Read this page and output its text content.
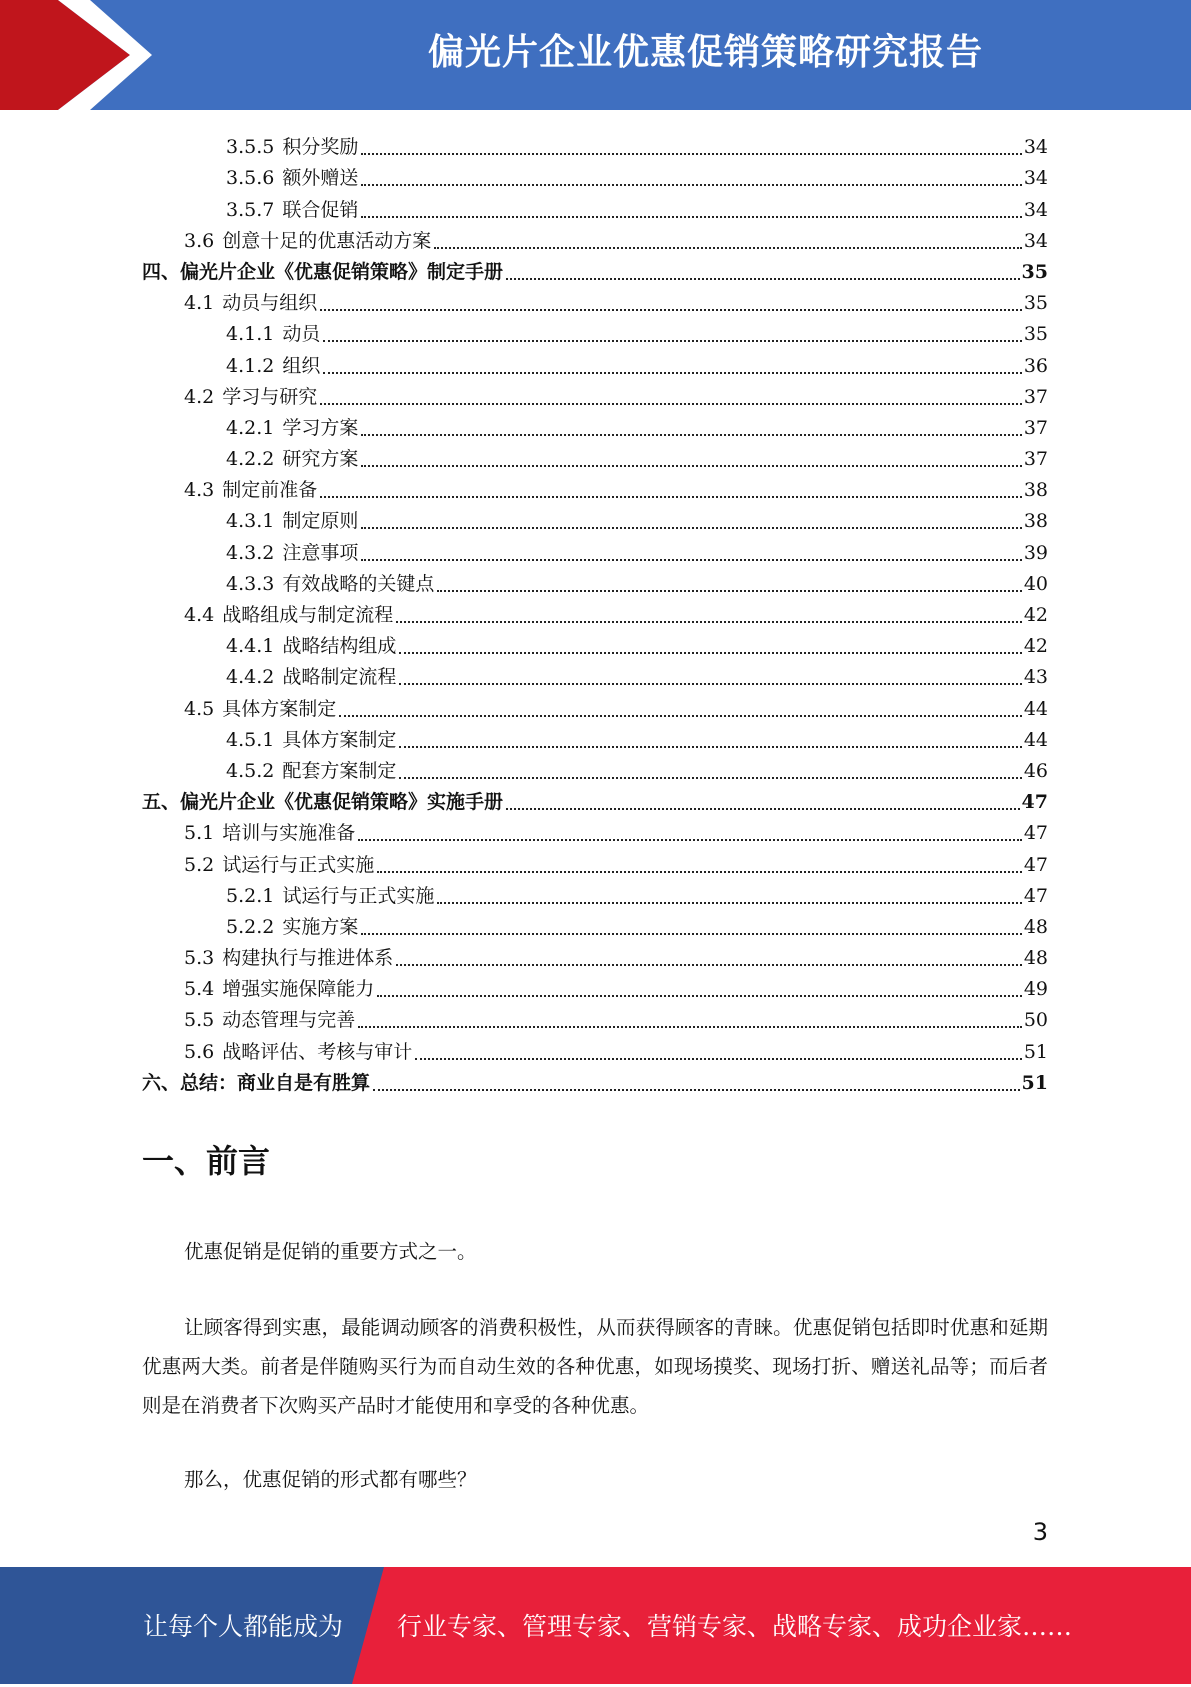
偏光片企业优惠促销策略研究报告
3.5.5 积分奖励	34
3.5.6 额外赠送	34
3.5.7 联合促销	34
3.6 创意十足的优惠活动方案	34
四、偏光片企业《优惠促销策略》制定手册	35
4.1 动员与组织	35
4.1.1 动员	35
4.1.2 组织	36
4.2 学习与研究	37
4.2.1 学习方案	37
4.2.2 研究方案	37
4.3 制定前准备	38
4.3.1 制定原则	38
4.3.2 注意事项	39
4.3.3 有效战略的关键点	40
4.4 战略组成与制定流程	42
4.4.1 战略结构组成	42
4.4.2 战略制定流程	43
4.5 具体方案制定	44
4.5.1 具体方案制定	44
4.5.2 配套方案制定	46
五、偏光片企业《优惠促销策略》实施手册	47
5.1 培训与实施准备	47
5.2 试运行与正式实施	47
5.2.1 试运行与正式实施	47
5.2.2 实施方案	48
5.3 构建执行与推进体系	48
5.4 增强实施保障能力	49
5.5 动态管理与完善	50
5.6 战略评估、考核与审计	51
六、总结：商业自是有胜算	51
一、前言

优惠促销是促销的重要方式之一。

让顾客得到实惠，最能调动顾客的消费积极性，从而获得顾客的青睐。优惠促销包括即时优惠和延期优惠两大类。前者是伴随购买行为而自动生效的各种优惠，如现场摸奖、现场打折、赠送礼品等；而后者则是在消费者下次购买产品时才能使用和享受的各种优惠。

那么，优惠促销的形式都有哪些？

3
让每个人都能成为 行业专家、管理专家、营销专家、战略专家、成功企业家……
